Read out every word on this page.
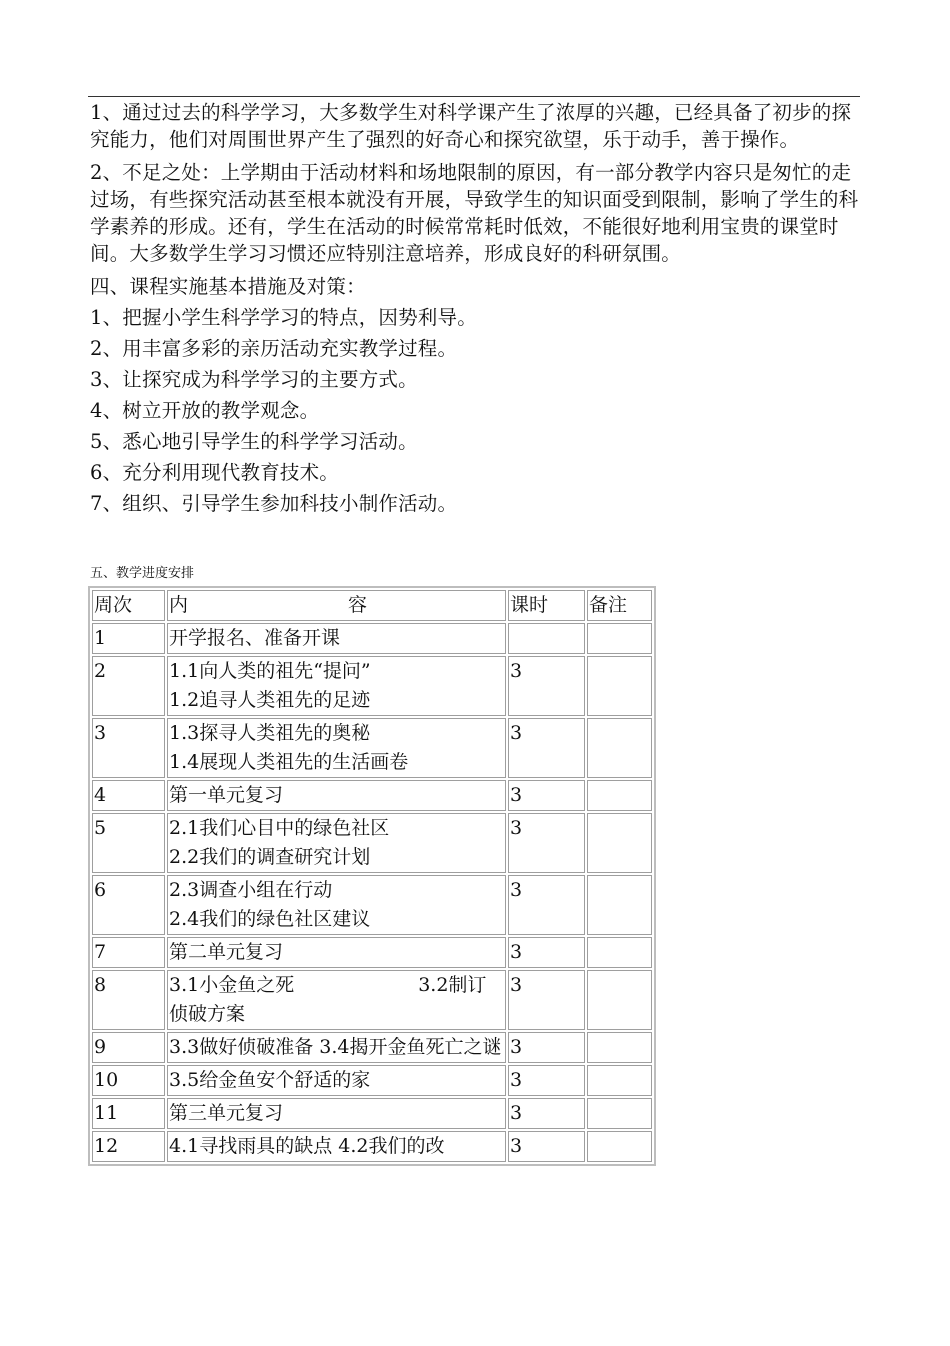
1、通过过去的科学学习，大多数学生对科学课产生了浓厚的兴趣，已经具备了初步的探究能力，他们对周围世界产生了强烈的好奇心和探究欲望，乐于动手，善于操作。

2、不足之处：上学期由于活动材料和场地限制的原因，有一部分教学内容只是匆忙的走过场，有些探究活动甚至根本就没有开展，导致学生的知识面受到限制，影响了学生的科学素养的形成。还有，学生在活动的时候常常耗时低效，不能很好地利用宝贵的课堂时间。大多数学生学习习惯还应特别注意培养，形成良好的科研氛围。

四、课程实施基本措施及对策：

1、把握小学生科学学习的特点，因势利导。

2、用丰富多彩的亲历活动充实教学过程。

3、让探究成为科学学习的主要方式。

4、树立开放的教学观念。

5、悉心地引导学生的科学学习活动。

6、充分利用现代教育技术。

7、组织、引导学生参加科技小制作活动。

五、教学进度安排
周次	内 容	课时	备注
1	开学报名、准备开课		

2	1.1向人类的祖先“提问”
1.2追寻人类祖先的足迹	3	
3	1.3探寻人类祖先的奥秘
1.4展现人类祖先的生活画卷	3	
4	第一单元复习	3	
5	2.1我们心目中的绿色社区
2.2我们的调查研究计划	3	
6	2.3调查小组在行动
2.4我们的绿色社区建议	3	
7	第二单元复习	3	
8	3.1小金鱼之死 3.2制订侦破方案	3	
9	3.3做好侦破准备 3.4揭开金鱼死亡之谜	3	
10	3.5给金鱼安个舒适的家	3	
11	第三单元复习	3	
12	4.1寻找雨具的缺点 4.2我们的改	3	
